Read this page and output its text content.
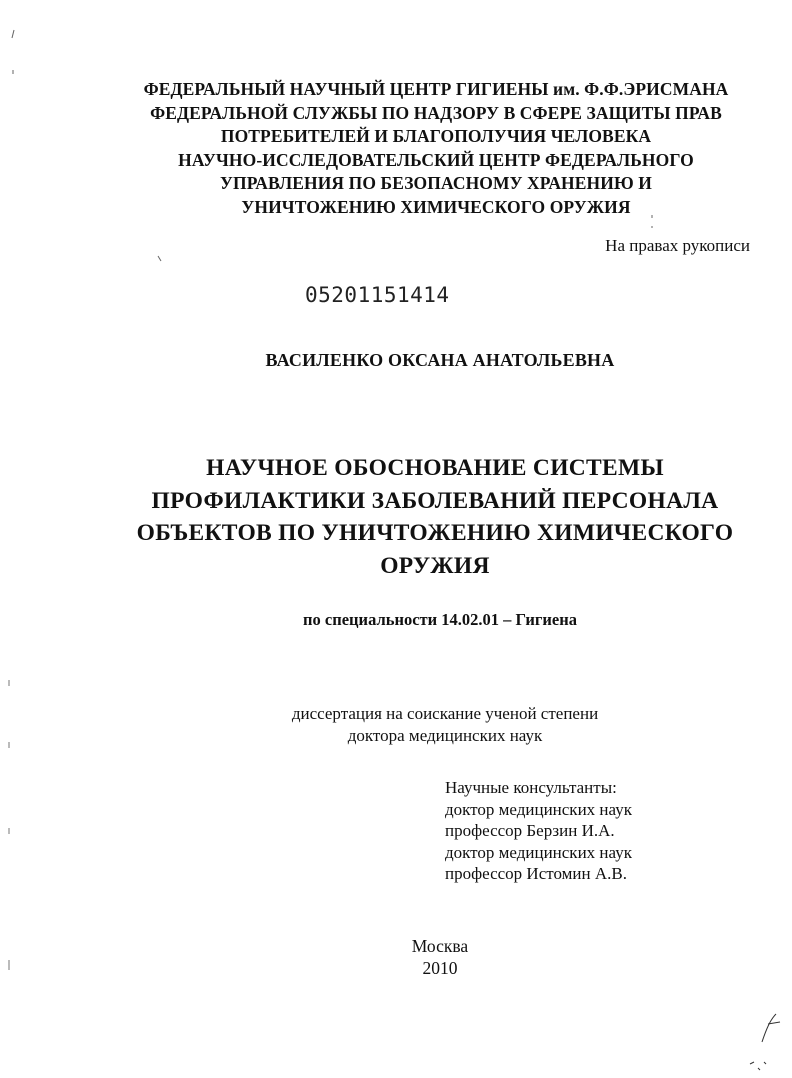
ФЕДЕРАЛЬНЫЙ НАУЧНЫЙ ЦЕНТР ГИГИЕНЫ им. Ф.Ф.ЭРИСМАНА
ФЕДЕРАЛЬНОЙ СЛУЖБЫ ПО НАДЗОРУ В СФЕРЕ ЗАЩИТЫ ПРАВ
ПОТРЕБИТЕЛЕЙ И БЛАГОПОЛУЧИЯ ЧЕЛОВЕКА
НАУЧНО-ИССЛЕДОВАТЕЛЬСКИЙ ЦЕНТР ФЕДЕРАЛЬНОГО
УПРАВЛЕНИЯ ПО БЕЗОПАСНОМУ ХРАНЕНИЮ И
УНИЧТОЖЕНИЮ ХИМИЧЕСКОГО ОРУЖИЯ
На правах рукописи
05201151414
ВАСИЛЕНКО ОКСАНА АНАТОЛЬЕВНА
НАУЧНОЕ ОБОСНОВАНИЕ СИСТЕМЫ
ПРОФИЛАКТИКИ ЗАБОЛЕВАНИЙ ПЕРСОНАЛА
ОБЪЕКТОВ ПО УНИЧТОЖЕНИЮ ХИМИЧЕСКОГО
ОРУЖИЯ
по специальности 14.02.01 – Гигиена
диссертация на соискание ученой степени
доктора медицинских наук
Научные консультанты:
доктор медицинских наук
профессор Берзин И.А.
доктор медицинских наук
профессор Истомин А.В.
Москва
2010
